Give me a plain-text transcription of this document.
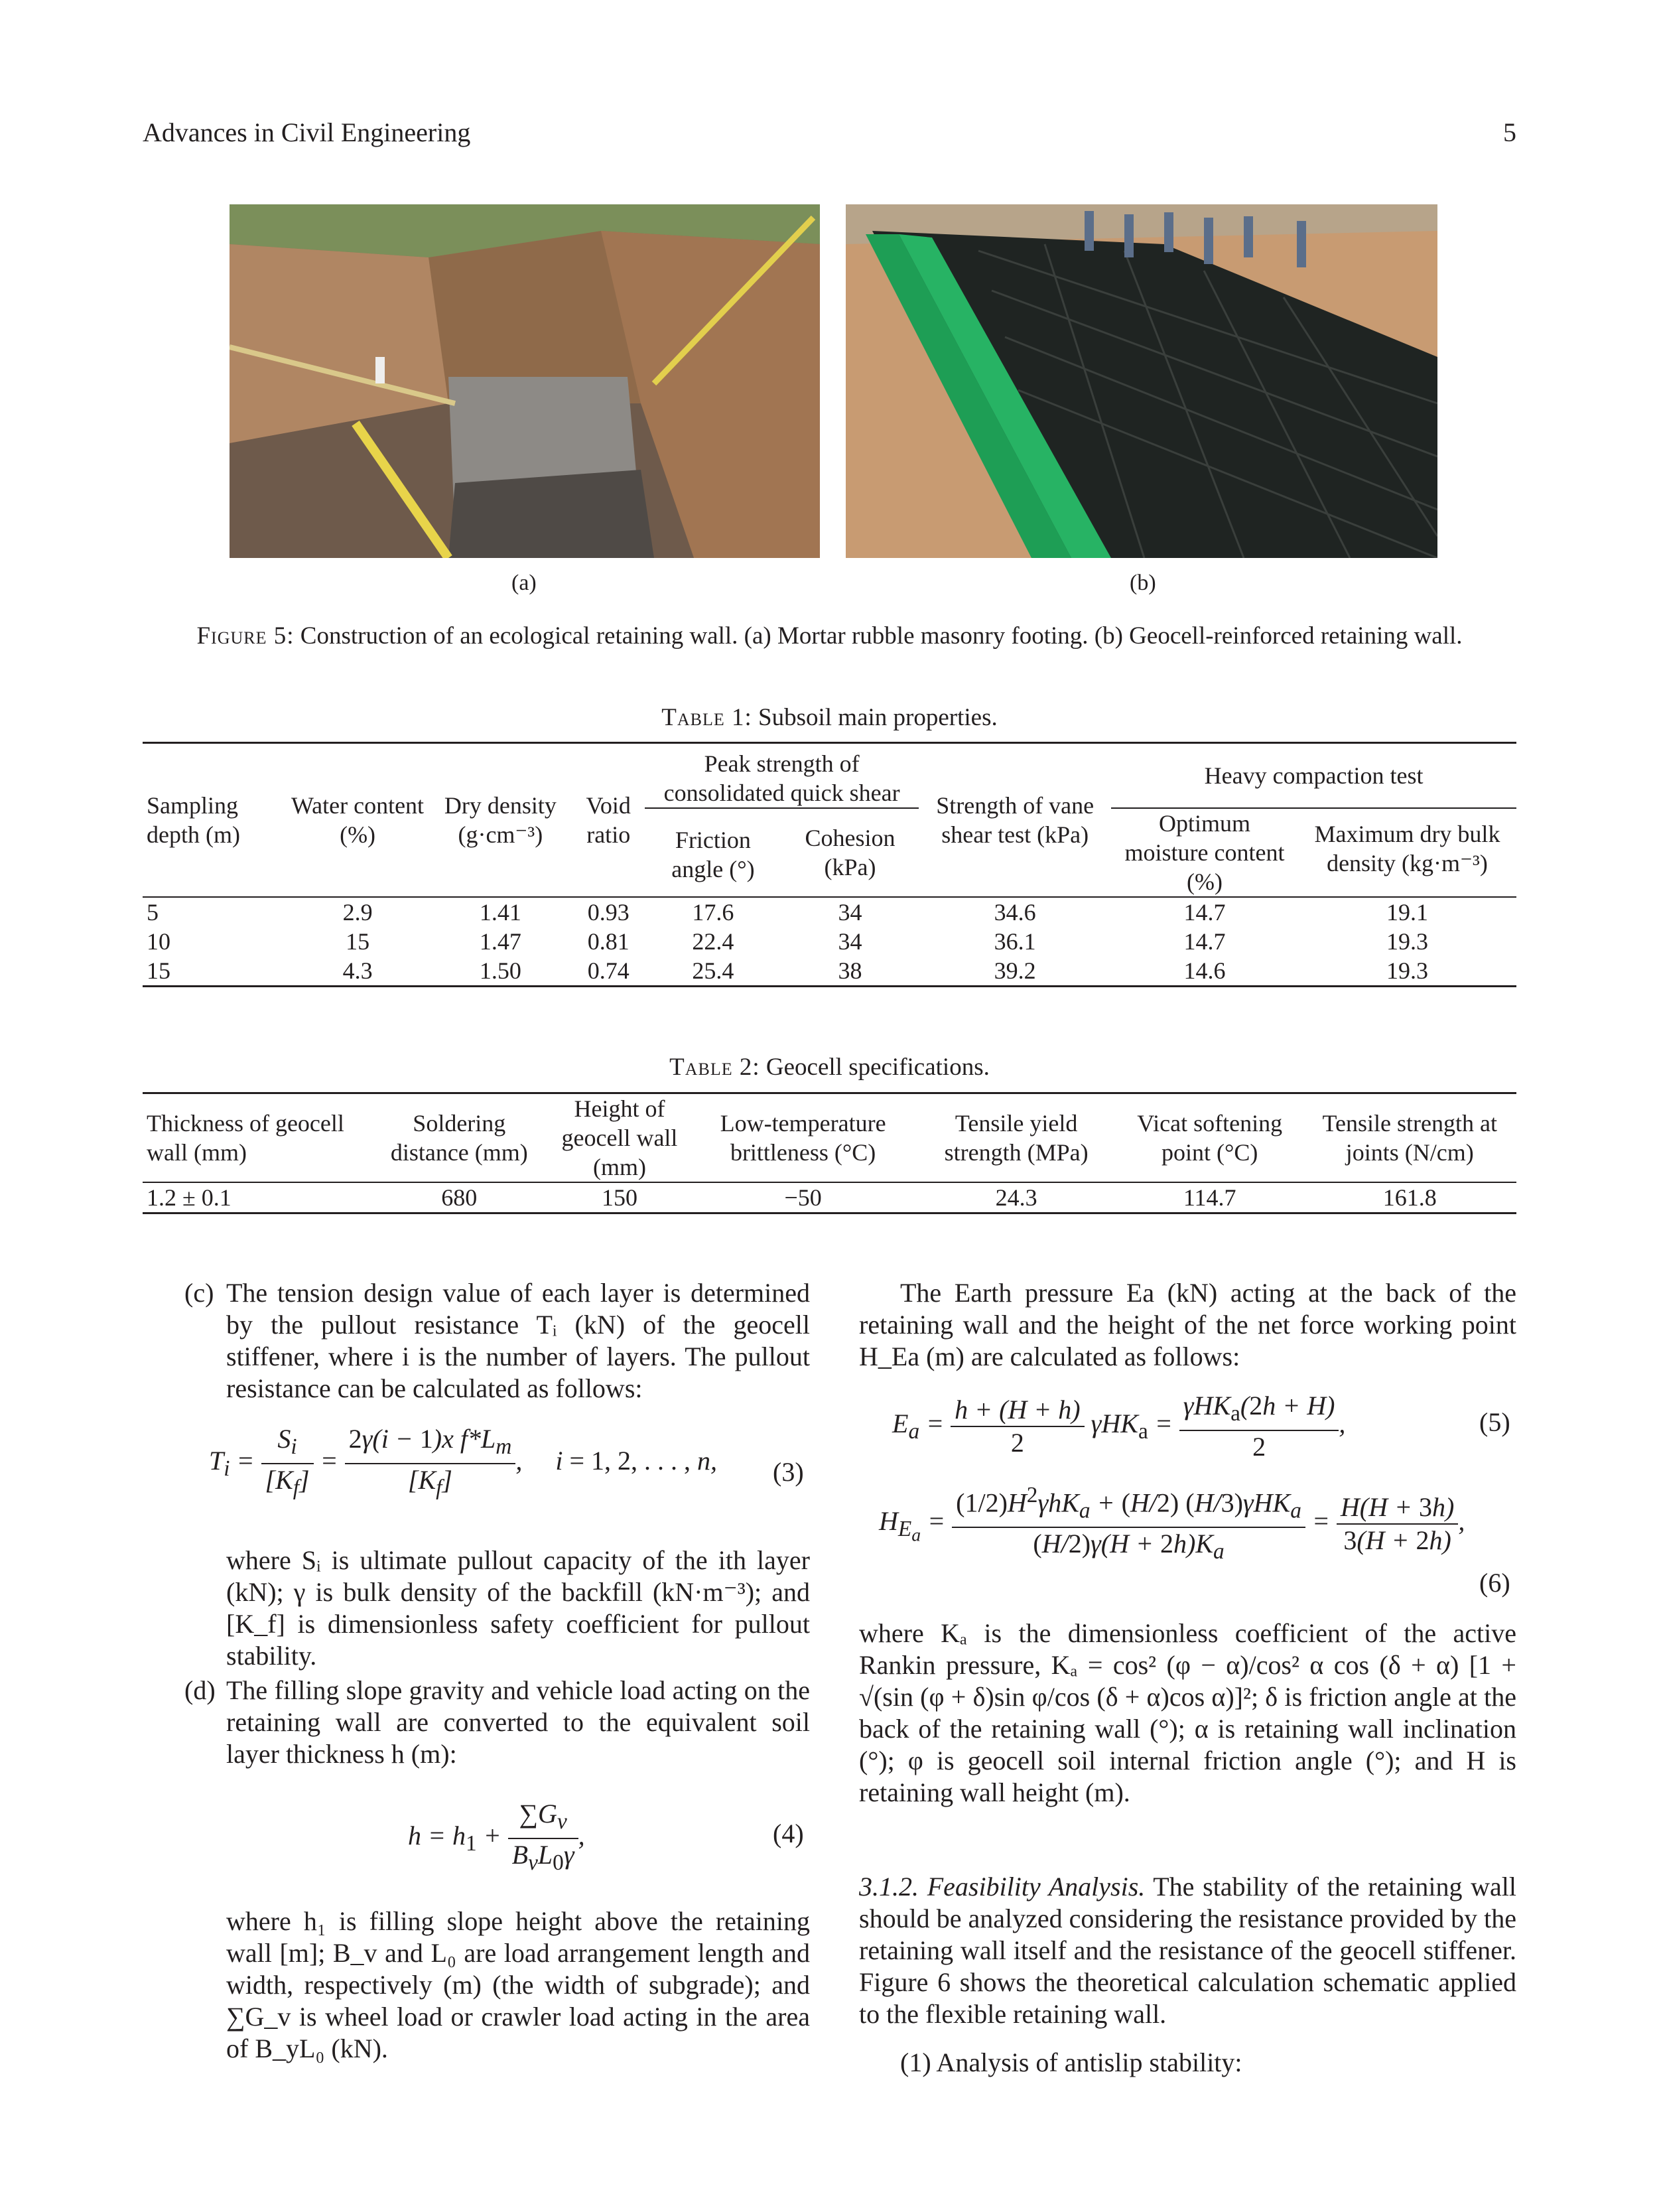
Advances in Civil Engineering	5
(a)	(b)
Figure 5: Construction of an ecological retaining wall. (a) Mortar rubble masonry footing. (b) Geocell-reinforced retaining wall.
Table 1: Subsoil main properties.
Sampling depth (m)	Water content (%)	Dry density (g·cm⁻³)	Void ratio	Peak strength of consolidated quick shear		Strength of vane shear test (kPa)	Heavy compaction test	
				Friction angle (°)	Cohesion (kPa)		Optimum moisture content (%)	Maximum dry bulk density (kg·m⁻³)
5	2.9	1.41	0.93	17.6	34	34.6	14.7	19.1
10	15	1.47	0.81	22.4	34	36.1	14.7	19.3
15	4.3	1.50	0.74	25.4	38	39.2	14.6	19.3
Table 2: Geocell specifications.
Thickness of geocell wall (mm)	Soldering distance (mm)	Height of geocell wall (mm)	Low-temperature brittleness (°C)	Tensile yield strength (MPa)	Vicat softening point (°C)	Tensile strength at joints (N/cm)
1.2 ± 0.1	680	150	−50	24.3	114.7	161.8
(c) The tension design value of each layer is determined by the pullout resistance Tᵢ (kN) of the geocell stiffener, where i is the number of layers. The pullout resistance can be calculated as follows:
$T_i = \frac{S_i}{[K_f]} = \frac{2\gamma(i - 1)x f*L_m}{[K_f]}$ ,     i = 1, 2, . . . , n,	(3)
where Sᵢ is ultimate pullout capacity of the ith layer (kN); γ is bulk density of the backfill (kN·m⁻³); and [K_f] is dimensionless safety coefficient for pullout stability.
(d) The filling slope gravity and vehicle load acting on the retaining wall are converted to the equivalent soil layer thickness h (m):
$h = h_1 + \frac{\sum G_v}{B_vL_0\gamma}$ ,	(4)
where h₁ is filling slope height above the retaining wall [m]; B_v and L₀ are load arrangement length and width, respectively (m) (the width of subgrade); and ∑G_v is wheel load or crawler load acting in the area of B_yL₀ (kN).
The Earth pressure Ea (kN) acting at the back of the retaining wall and the height of the net force working point H_Ea (m) are calculated as follows:
$E_a = \frac{h + (H + h)}{2} \gamma HK_a = \frac{\gamma HK_a(2h + H)}{2}$ ,	(5)
$H_{E_a} = \frac{(1/2)H^2\gamma hK_a + (H/2) (H/3)\gamma HK_a}{(H/2)\gamma(H + 2h)K_a} = \frac{H(H + 3h)}{3(H + 2h)}$ ,
(6)
where Kₐ is the dimensionless coefficient of the active Rankin pressure, Kₐ = cos² (φ − α)/cos² α cos (δ + α) [1 + √(sin (φ + δ)sin φ/cos (δ + α)cos α)]²; δ is friction angle at the back of the retaining wall (°); α is retaining wall inclination (°); φ is geocell soil internal friction angle (°); and H is retaining wall height (m).
3.1.2. Feasibility Analysis. The stability of the retaining wall should be analyzed considering the resistance provided by the retaining wall itself and the resistance of the geocell stiffener. Figure 6 shows the theoretical calculation schematic applied to the flexible retaining wall.
(1) Analysis of antislip stability:
